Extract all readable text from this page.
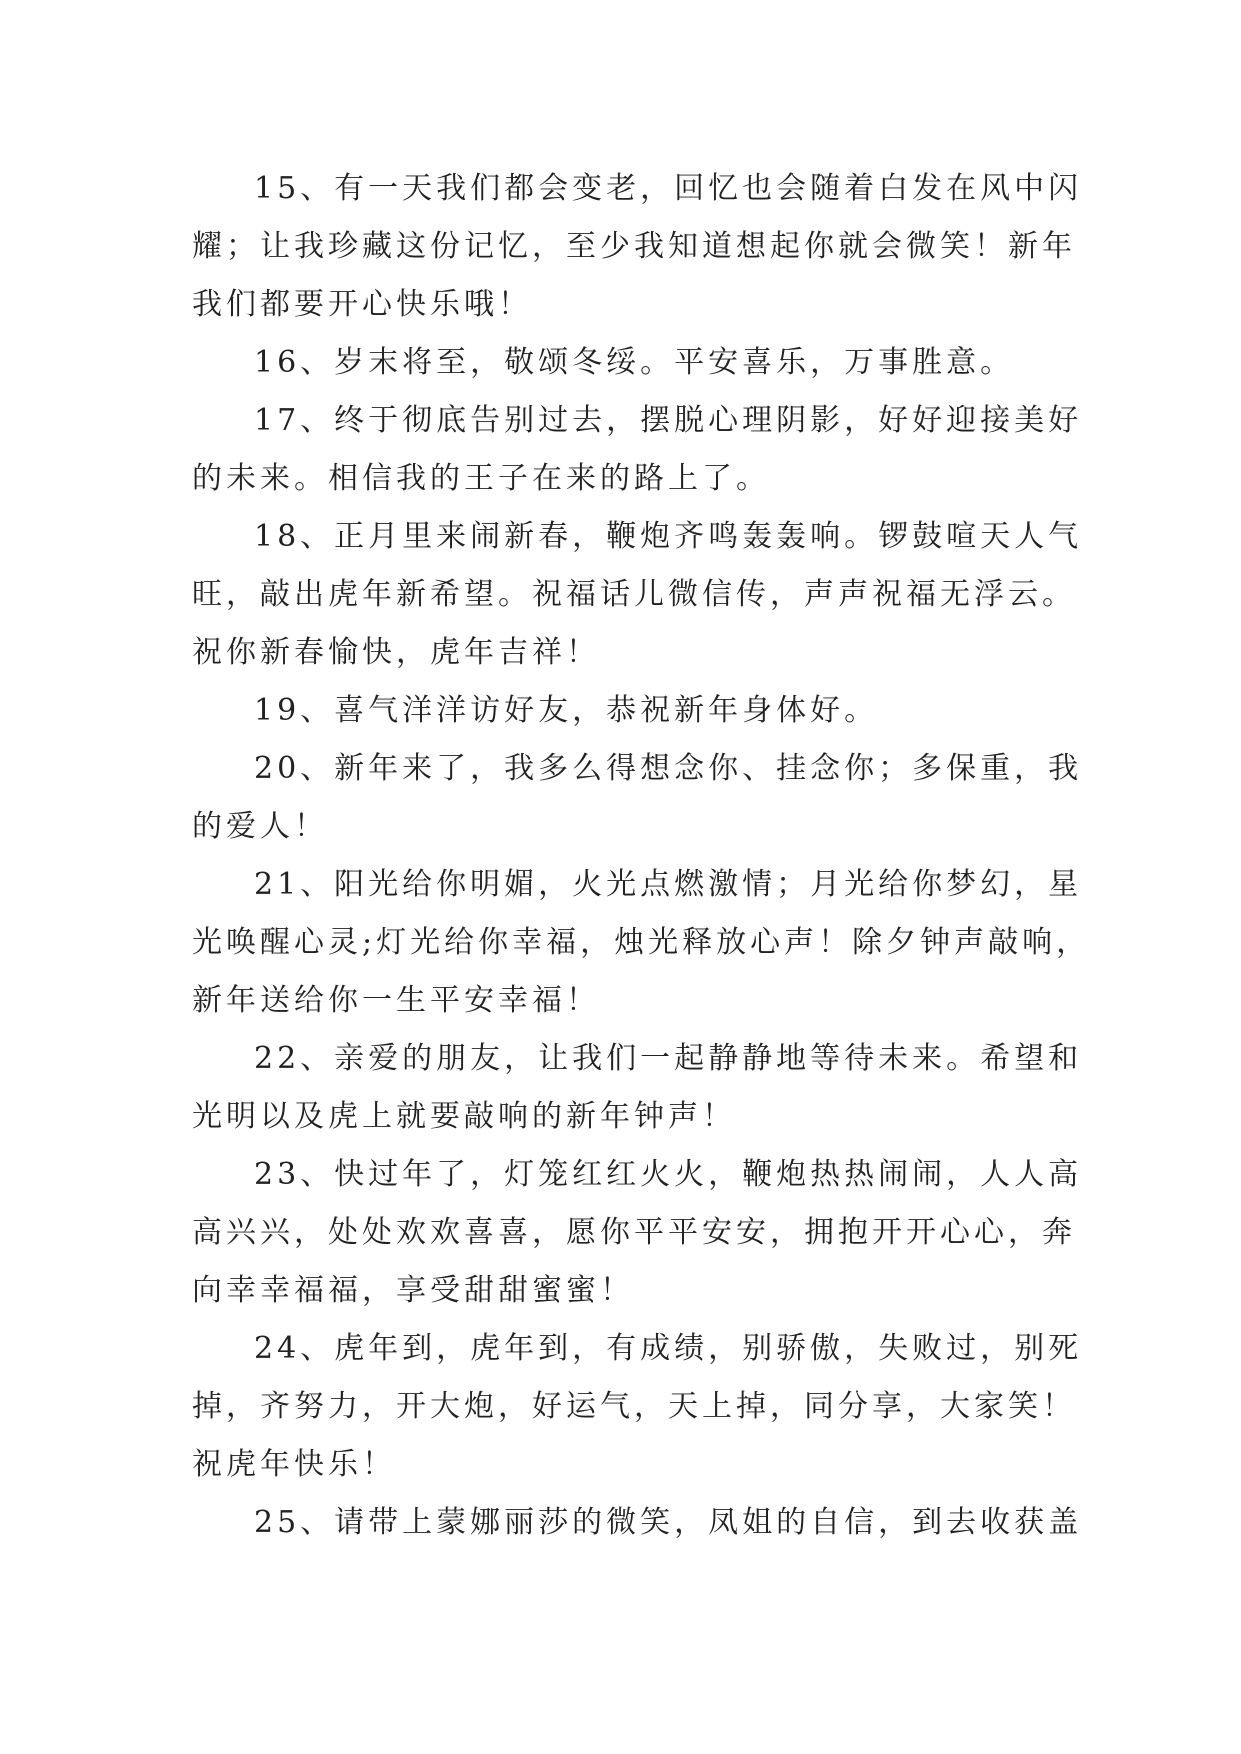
15、有一天我们都会变老，回忆也会随着白发在风中闪
耀；让我珍藏这份记忆，至少我知道想起你就会微笑！新年
我们都要开心快乐哦！
16、岁末将至，敬颂冬绥。平安喜乐，万事胜意。
17、终于彻底告别过去，摆脱心理阴影，好好迎接美好
的未来。相信我的王子在来的路上了。
18、正月里来闹新春，鞭炮齐鸣轰轰响。锣鼓喧天人气
旺，敲出虎年新希望。祝福话儿微信传，声声祝福无浮云。
祝你新春愉快，虎年吉祥！
19、喜气洋洋访好友，恭祝新年身体好。
20、新年来了，我多么得想念你、挂念你；多保重，我
的爱人！
21、阳光给你明媚，火光点燃激情；月光给你梦幻，星
光唤醒心灵;灯光给你幸福，烛光释放心声！除夕钟声敲响，
新年送给你一生平安幸福！
22、亲爱的朋友，让我们一起静静地等待未来。希望和
光明以及虎上就要敲响的新年钟声！
23、快过年了，灯笼红红火火，鞭炮热热闹闹，人人高
高兴兴，处处欢欢喜喜，愿你平平安安，拥抱开开心心，奔
向幸幸福福，享受甜甜蜜蜜！
24、虎年到，虎年到，有成绩，别骄傲，失败过，别死
掉，齐努力，开大炮，好运气，天上掉，同分享，大家笑！
祝虎年快乐！
25、请带上蒙娜丽莎的微笑，凤姐的自信，到去收获盖
